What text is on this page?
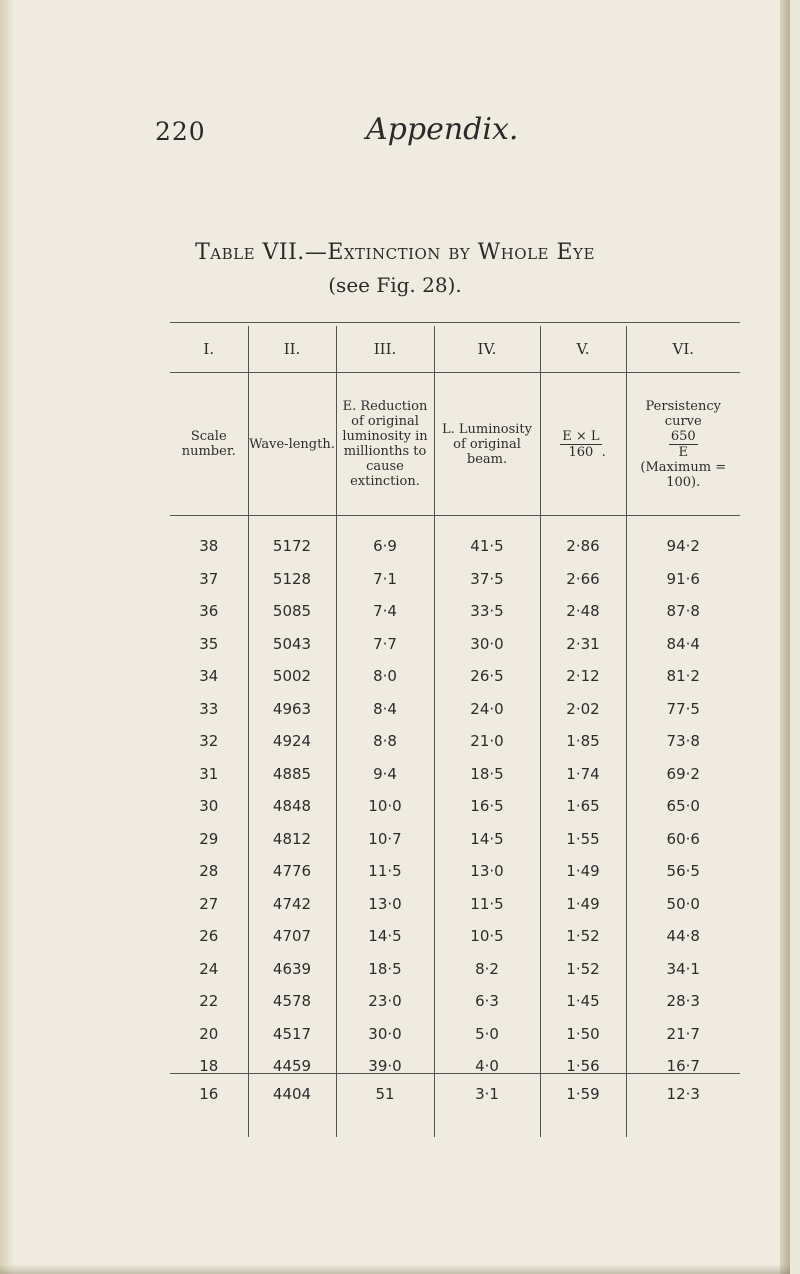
220	Appendix.
Table VII.—Extinction by Whole Eye
(see Fig. 28).
I.	II.	III.	IV.	V.	VI.
Scale number.	Wave-length.	E. Reduction of original luminosity in millionths to cause extinction.	L. Luminosity of original beam.	$\frac{E \times L}{160}$ .	Persistency curve
$\frac{650}{E}$
(Maximum = 100).

38	5172	6·9	41·5	2·86	94·2
37	5128	7·1	37·5	2·66	91·6
36	5085	7·4	33·5	2·48	87·8
35	5043	7·7	30·0	2·31	84·4
34	5002	8·0	26·5	2·12	81·2
33	4963	8·4	24·0	2·02	77·5
32	4924	8·8	21·0	1·85	73·8
31	4885	9·4	18·5	1·74	69·2
30	4848	10·0	16·5	1·65	65·0
29	4812	10·7	14·5	1·55	60·6
28	4776	11·5	13·0	1·49	56·5
27	4742	13·0	11·5	1·49	50·0
26	4707	14·5	10·5	1·52	44·8
24	4639	18·5	8·2	1·52	34·1
22	4578	23·0	6·3	1·45	28·3
20	4517	30·0	5·0	1·50	21·7
18	4459	39·0	4·0	1·56	16·7
16	4404	51	3·1	1·59	12·3
